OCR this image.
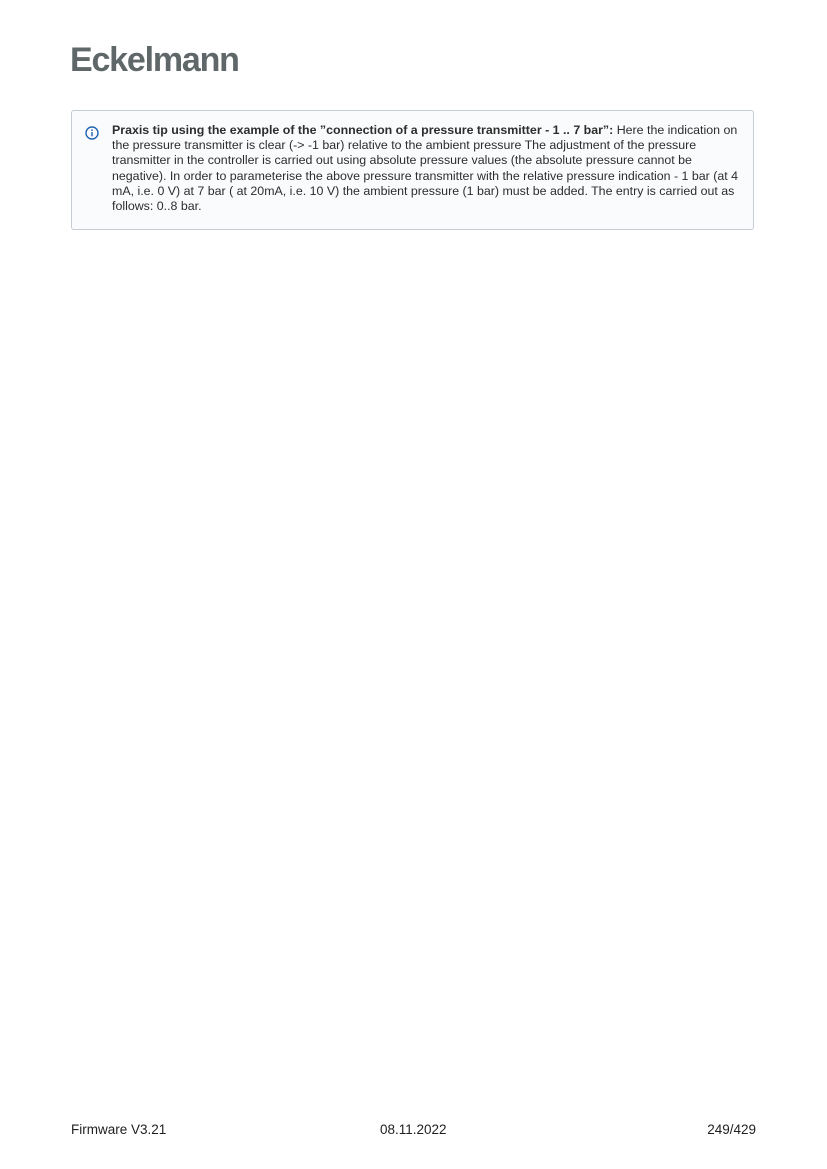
Eckelmann

Praxis tip using the example of the ”connection of a pressure transmitter - 1 .. 7 bar”: Here the indication on the pressure transmitter is clear (-> -1 bar) relative to the ambient pressure The adjustment of the pressure transmitter in the controller is carried out using absolute pressure values (the absolute pressure cannot be negative). In order to parameterise the above pressure transmitter with the relative pressure indication - 1 bar (at 4 mA, i.e. 0 V) at 7 bar ( at 20mA, i.e. 10 V) the ambient pressure (1 bar) must be added. The entry is carried out as follows: 0..8 bar.

Firmware V3.21	08.11.2022	249/429
